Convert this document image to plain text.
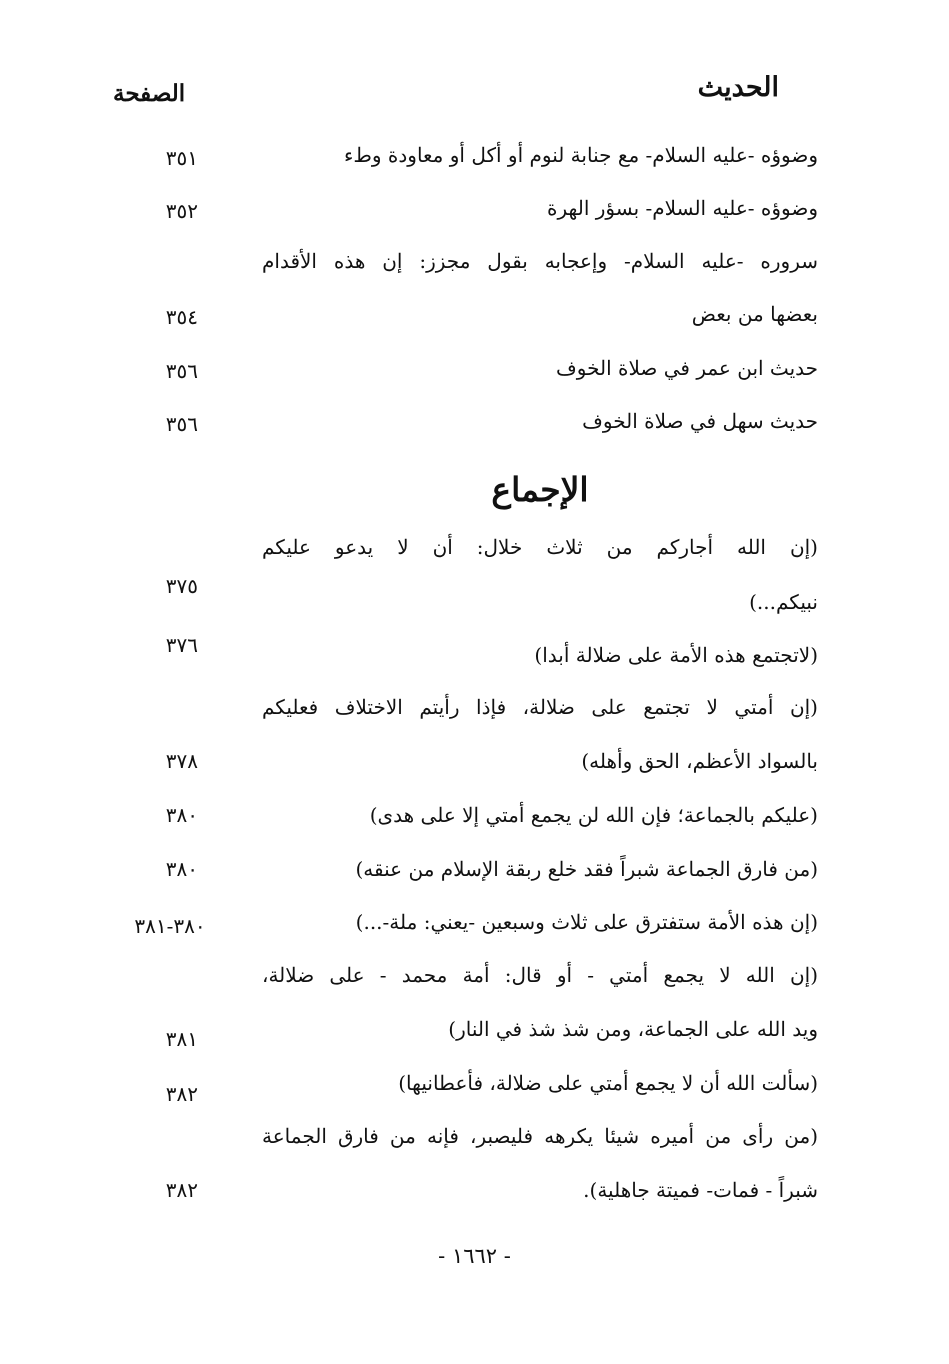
الحديث
الصفحة
وضوؤه -عليه السلام- مع جنابة لنوم أو أكل أو معاودة وطء
٣٥١
وضوؤه -عليه السلام- بسؤر الهرة
٣٥٢
سروره -عليه السلام- وإعجابه بقول مجزز: إن هذه الأقدام
بعضها من بعض
٣٥٤
حديث ابن عمر في صلاة الخوف
٣٥٦
حديث سهل في صلاة الخوف
٣٥٦
الإجماع
(إن الله أجاركم من ثلاث خلال: أن لا يدعو عليكم
نبيكم...)
٣٧٥
(لاتجتمع هذه الأمة على ضلالة أبدا)
٣٧٦
(إن أمتي لا تجتمع على ضلالة، فإذا رأيتم الاختلاف فعليكم
بالسواد الأعظم، الحق وأهله)
٣٧٨
(عليكم بالجماعة؛ فإن الله لن يجمع أمتي إلا على هدى)
٣٨٠
(من فارق الجماعة شبراً فقد خلع ربقة الإسلام من عنقه)
٣٨٠
(إن هذه الأمة ستفترق على ثلاث وسبعين -يعني: ملة-...)
٣٨٠-٣٨١
(إن الله لا يجمع أمتي - أو قال: أمة محمد - على ضلالة،
ويد الله على الجماعة، ومن شذ شذ في النار)
٣٨١
(سألت الله أن لا يجمع أمتي على ضلالة، فأعطانيها)
٣٨٢
(من رأى من أميره شيئا يكرهه فليصبر، فإنه من فارق الجماعة
شبراً - فمات- فميتة جاهلية).
٣٨٢
- ١٦٦٢ -
